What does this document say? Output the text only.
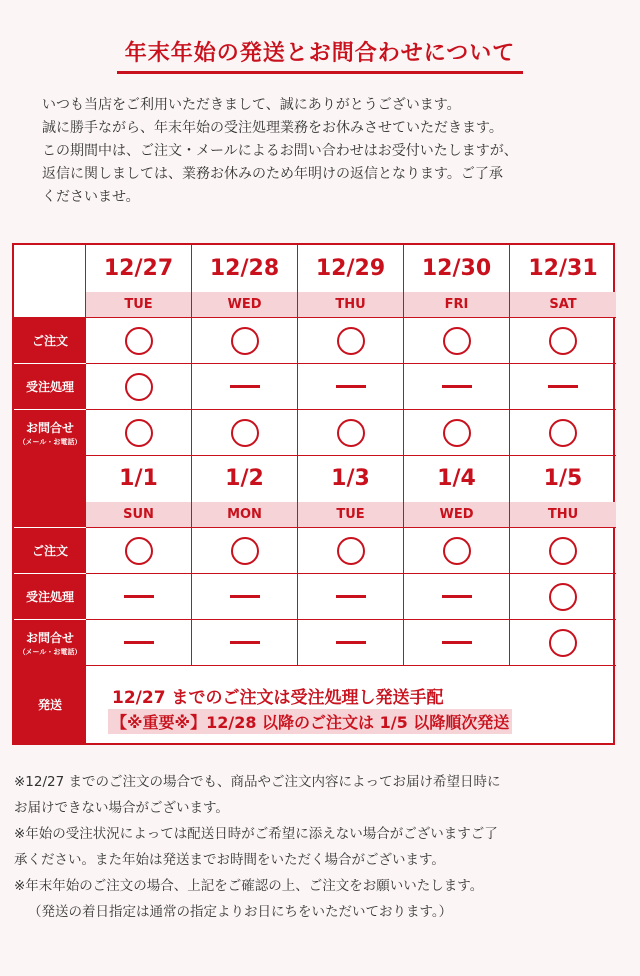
年末年始の発送とお問合わせについて

いつも当店をご利用いただきまして、誠にありがとうございます。

誠に勝手ながら、年末年始の受注処理業務をお休みさせていただきます。

この期間中は、ご注文・メールによるお問い合わせはお受付いたしますが、

返信に関しましては、業務お休みのため年明けの返信となります。ご了承

くださいませ。

12/27 までのご注文は受注処理し発送手配
【※重要※】12/28 以降のご注文は 1/5 以降順次発送
12/27
TUE
12/28
WED
12/29
THU
12/30
FRI
12/31
SAT
ご注文
受注処理
お問合せ
（メール・お電話）
1/1
SUN
1/2
MON
1/3
TUE
1/4
WED
1/5
THU
ご注文
受注処理
お問合せ
（メール・お電話）
発送

※12/27 までのご注文の場合でも、商品やご注文内容によってお届け希望日時に

お届けできない場合がございます。

※年始の受注状況によっては配送日時がご希望に添えない場合がございますご了

承ください。また年始は発送までお時間をいただく場合がございます。

※年末年始のご注文の場合、上記をご確認の上、ご注文をお願いいたします。

（発送の着日指定は通常の指定よりお日にちをいただいております。）
